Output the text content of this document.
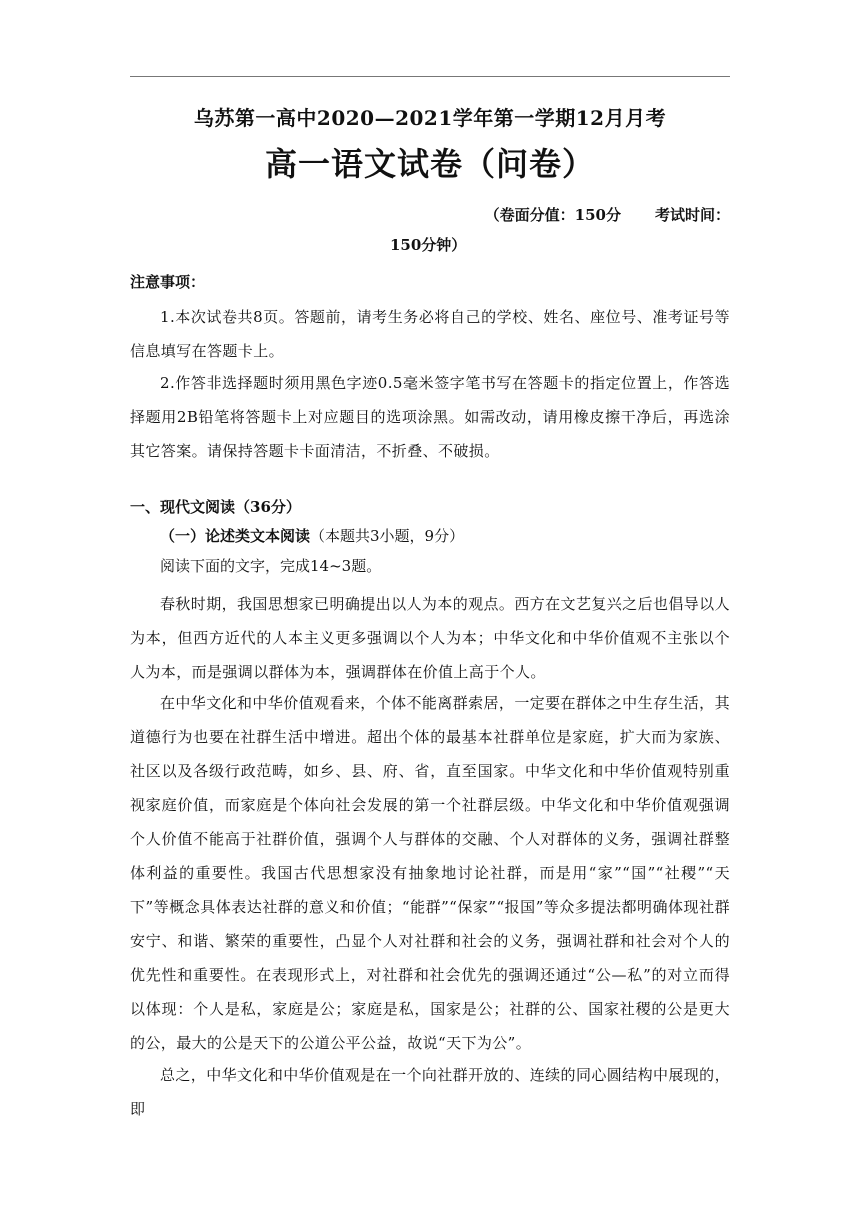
乌苏第一高中2020—2021学年第一学期12月月考
高一语文试卷（问卷）
（卷面分值：150分 考试时间：
150分钟）
注意事项：

1.本次试卷共8页。答题前，请考生务必将自己的学校、姓名、座位号、准考证号等信息填写在答题卡上。

2.作答非选择题时须用黑色字迹0.5毫米签字笔书写在答题卡的指定位置上，作答选择题用2B铅笔将答题卡上对应题目的选项涂黑。如需改动，请用橡皮擦干净后，再选涂其它答案。请保持答题卡卡面清洁，不折叠、不破损。

一、现代文阅读（36分）
（一）论述类文本阅读（本题共3小题，9分）
阅读下面的文字，完成14~3题。

春秋时期，我国思想家已明确提出以人为本的观点。西方在文艺复兴之后也倡导以人为本，但西方近代的人本主义更多强调以个人为本；中华文化和中华价值观不主张以个人为本，而是强调以群体为本，强调群体在价值上高于个人。

在中华文化和中华价值观看来，个体不能离群索居，一定要在群体之中生存生活，其道德行为也要在社群生活中增进。超出个体的最基本社群单位是家庭，扩大而为家族、社区以及各级行政范畴，如乡、县、府、省，直至国家。中华文化和中华价值观特别重视家庭价值，而家庭是个体向社会发展的第一个社群层级。中华文化和中华价值观强调个人价值不能高于社群价值，强调个人与群体的交融、个人对群体的义务，强调社群整体利益的重要性。我国古代思想家没有抽象地讨论社群，而是用“家”“国”“社稷”“天下”等概念具体表达社群的意义和价值；“能群”“保家”“报国”等众多提法都明确体现社群安宁、和谐、繁荣的重要性，凸显个人对社群和社会的义务，强调社群和社会对个人的优先性和重要性。在表现形式上，对社群和社会优先的强调还通过“公—私”的对立而得以体现：个人是私，家庭是公；家庭是私，国家是公；社群的公、国家社稷的公是更大的公，最大的公是天下的公道公平公益，故说“天下为公”。

总之，中华文化和中华价值观是在一个向社群开放的、连续的同心圆结构中展现的，即
